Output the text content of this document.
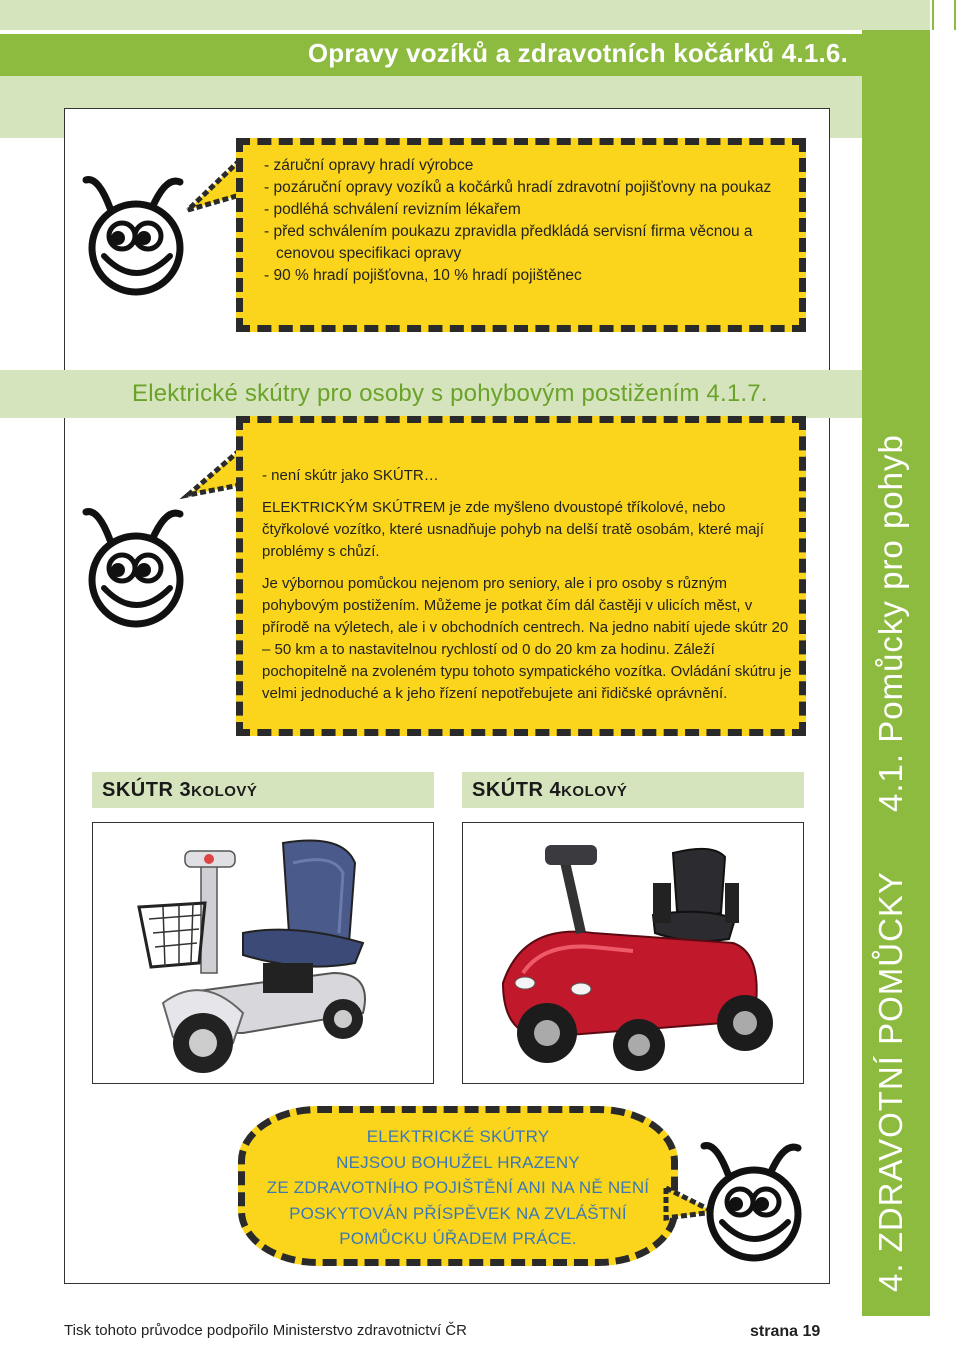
Opravy vozíků a zdravotních kočárků 4.1.6.
Elektrické skútry pro osoby s pohybovým postižením 4.1.7.
4. ZDRAVOTNÍ POMŮCKY
4.1. Pomůcky pro pohyb
- záruční opravy hradí výrobce
- pozáruční opravy vozíků a kočárků hradí zdravotní pojišťovny na poukaz
- podléhá schválení revizním lékařem
- před schválením poukazu zpravidla předkládá servisní firma věcnou a cenovou specifikaci opravy
- 90 % hradí pojišťovna, 10 % hradí pojištěnec

- není skútr jako SKÚTR…

ELEKTRICKÝM SKÚTREM je zde myšleno dvoustopé tříkolové, nebo čtyřkolové vozítko, které usnadňuje pohyb na delší tratě osobám, které mají problémy s chůzí.

Je výbornou pomůckou nejenom pro seniory, ale i pro osoby s různým pohybovým postižením. Můžeme je potkat čím dál častěji v ulicích měst, v přírodě na výletech, ale i v obchodních centrech. Na jedno nabití ujede skútr 20 – 50 km a to nastavitelnou rychlostí od 0 do 20 km za hodinu. Záleží pochopitelně na zvoleném typu tohoto sympatického vozítka. Ovládání skútru je velmi jednoduché a k jeho řízení nepotřebujete ani řidičské oprávnění.

SKÚTR 3kolový	SKÚTR 4kolový
ELEKTRICKÉ SKÚTRY
NEJSOU BOHUŽEL HRAZENY
ZE ZDRAVOTNÍHO POJIŠTĚNÍ ANI NA NĚ NENÍ
POSKYTOVÁN PŘÍSPĚVEK NA ZVLÁŠTNÍ
POMŮCKU ÚŘADEM PRÁCE.
Tisk tohoto průvodce podpořilo Ministerstvo zdravotnictví ČR	strana 19
